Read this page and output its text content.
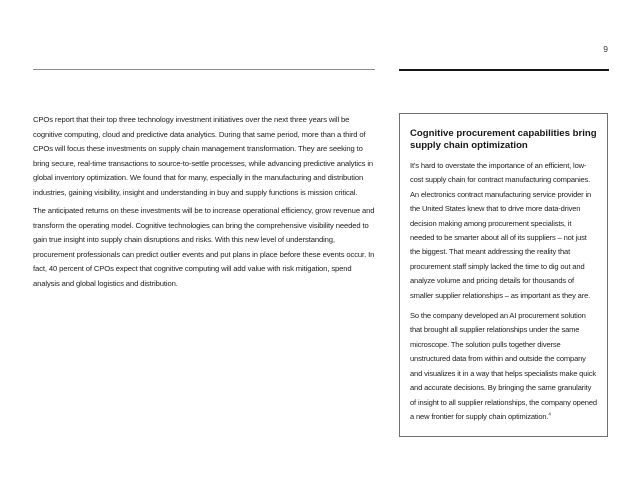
9

CPOs report that their top three technology investment initiatives over the next three years will be cognitive computing, cloud and predictive data analytics. During that same period, more than a third of CPOs will focus these investments on supply chain management transformation. They are seeking to bring secure, real-time transactions to source-to-settle processes, while advancing predictive analytics in global inventory optimization. We found that for many, especially in the manufacturing and distribution industries, gaining visibility, insight and understanding in buy and supply functions is mission critical.

The anticipated returns on these investments will be to increase operational efficiency, grow revenue and transform the operating model. Cognitive technologies can bring the comprehensive visibility needed to gain true insight into supply chain disruptions and risks. With this new level of understanding, procurement professionals can predict outlier events and put plans in place before these events occur. In fact, 40 percent of CPOs expect that cognitive computing will add value with risk mitigation, spend analysis and global logistics and distribution.

Cognitive procurement capabilities bring supply chain optimization

It’s hard to overstate the importance of an efficient, low-cost supply chain for contract manufacturing companies. An electronics contract manufacturing service provider in the United States knew that to drive more data-driven decision making among procurement specialists, it needed to be smarter about all of its suppliers – not just the biggest. That meant addressing the reality that procurement staff simply lacked the time to dig out and analyze volume and pricing details for thousands of smaller supplier relationships – as important as they are.

So the company developed an AI procurement solution that brought all supplier relationships under the same microscope. The solution pulls together diverse unstructured data from within and outside the company and visualizes it in a way that helps specialists make quick and accurate decisions. By bringing the same granularity of insight to all supplier relationships, the company opened a new frontier for supply chain optimization.$^4$
